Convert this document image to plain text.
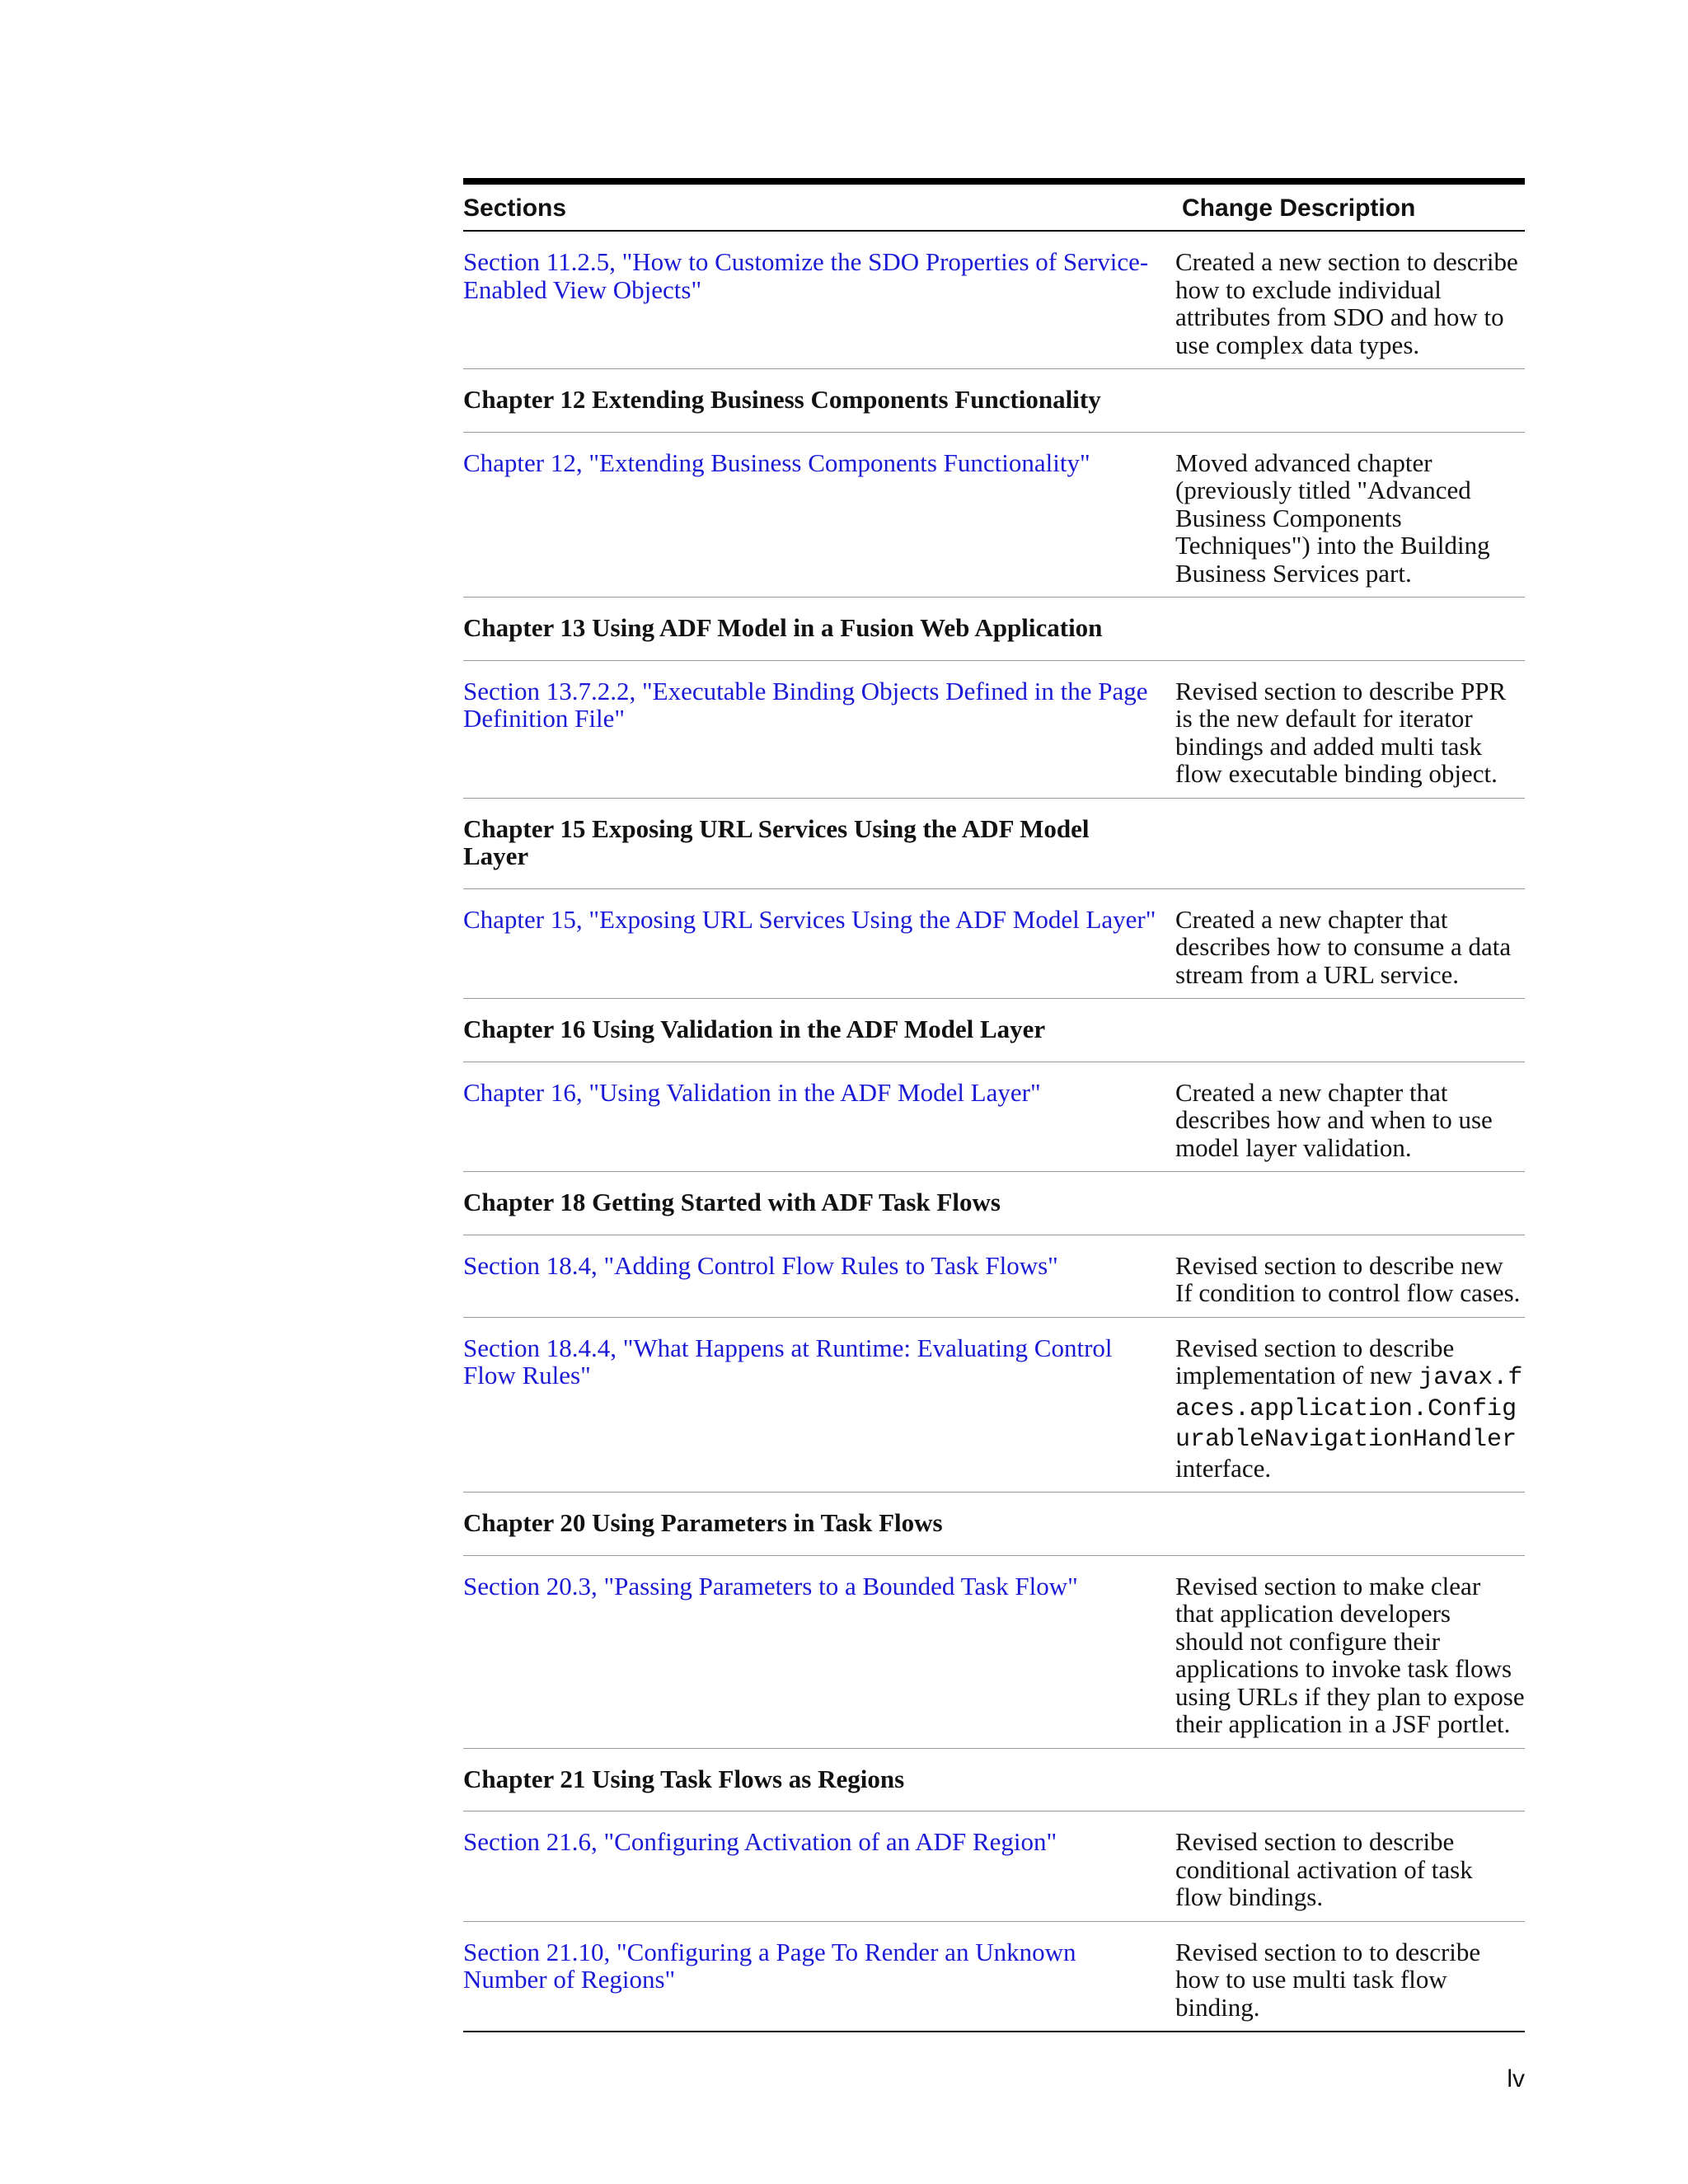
Sections	Change Description
Section 11.2.5, "How to Customize the SDO Properties of Service-Enabled View Objects"	Created a new section to describe how to exclude individual attributes from SDO and how to use complex data types.
Chapter 12 Extending Business Components Functionality	
Chapter 12, "Extending Business Components Functionality"	Moved advanced chapter (previously titled "Advanced Business Components Techniques") into the Building Business Services part.
Chapter 13 Using ADF Model in a Fusion Web Application	
Section 13.7.2.2, "Executable Binding Objects Defined in the Page Definition File"	Revised section to describe PPR is the new default for iterator bindings and added multi task flow executable binding object.

Chapter 15 Exposing URL Services Using the ADF Model Layer	

Chapter 15, "Exposing URL Services Using the ADF Model Layer"	Created a new chapter that describes how to consume a data stream from a URL service.
Chapter 16 Using Validation in the ADF Model Layer	
Chapter 16, "Using Validation in the ADF Model Layer"	Created a new chapter that describes how and when to use model layer validation.
Chapter 18 Getting Started with ADF Task Flows	
Section 18.4, "Adding Control Flow Rules to Task Flows"	Revised section to describe new If condition to control flow cases.
Section 18.4.4, "What Happens at Runtime: Evaluating Control Flow Rules"	Revised section to describe implementation of new javax.faces.application.ConfigurableNavigationHandler interface.
Chapter 20 Using Parameters in Task Flows	
Section 20.3, "Passing Parameters to a Bounded Task Flow"	Revised section to make clear that application developers should not configure their applications to invoke task flows using URLs if they plan to expose their application in a JSF portlet.
Chapter 21 Using Task Flows as Regions	
Section 21.6, "Configuring Activation of an ADF Region"	Revised section to describe conditional activation of task flow bindings.
Section 21.10, "Configuring a Page To Render an Unknown Number of Regions"	Revised section to to describe how to use multi task flow binding.
lv
